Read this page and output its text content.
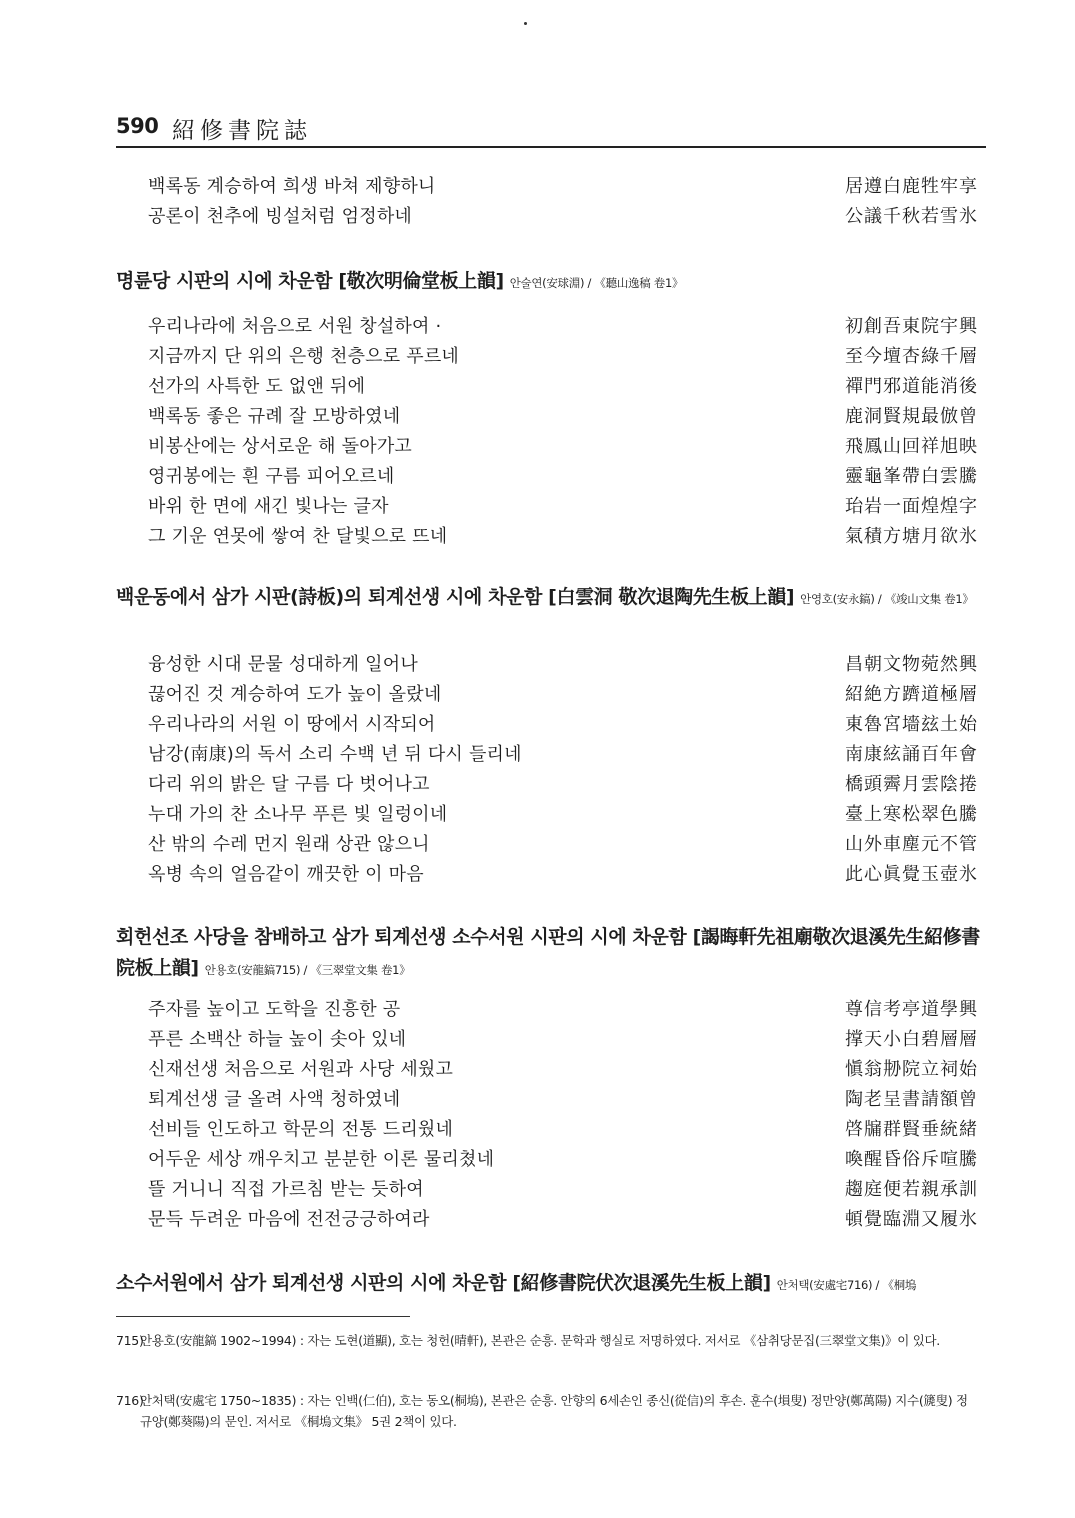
590 紹修書院誌
백록동 계승하여 희생 바쳐 제향하니	居遵白鹿牲牢享
공론이 천추에 빙설처럼 엄정하네	公議千秋若雪氷
명륜당 시판의 시에 차운함 [敬次明倫堂板上韻] 안술연(安球淵) / 《聽山逸稿 卷1》
우리나라에 처음으로 서원 창설하여 ·	初創吾東院宇興
지금까지 단 위의 은행 천층으로 푸르네	至今壇杏綠千層
선가의 사특한 도 없앤 뒤에	禪門邪道能消後
백록동 좋은 규례 잘 모방하였네	鹿洞賢規最倣曾
비봉산에는 상서로운 해 돌아가고	飛鳳山回祥旭映
영귀봉에는 흰 구름 피어오르네	靈龜峯帶白雲騰
바위 한 면에 새긴 빛나는 글자	珆岩一面煌煌字
그 기운 연못에 쌓여 찬 달빛으로 뜨네	氣積方塘月欲氷
백운동에서 삼가 시판(詩板)의 퇴계선생 시에 차운함 [白雲洞 敬次退陶先生板上韻] 안영호(安永鎬) / 《竣山文集 卷1》
융성한 시대 문물 성대하게 일어나	昌朝文物菀然興
끊어진 것 계승하여 도가 높이 올랐네	紹絶方躋道極層
우리나라의 서원 이 땅에서 시작되어	東魯宮墻玆土始
남강(南康)의 독서 소리 수백 년 뒤 다시 들리네	南康絃誦百年會
다리 위의 밝은 달 구름 다 벗어나고	橋頭霽月雲陰捲
누대 가의 찬 소나무 푸른 빛 일렁이네	臺上寒松翠色騰
산 밖의 수레 먼지 원래 상관 않으니	山外車塵元不管
옥병 속의 얼음같이 깨끗한 이 마음	此心眞覺玉壺氷
회헌선조 사당을 참배하고 삼가 퇴계선생 소수서원 시판의 시에 차운함 [謁晦軒先祖廟敬次退溪先生紹修書院板上韻] 안용호(安龍鎬715) / 《三翠堂文集 卷1》
주자를 높이고 도학을 진흥한 공	尊信考亭道學興
푸른 소백산 하늘 높이 솟아 있네	撑天小白碧層層
신재선생 처음으로 서원과 사당 세웠고	愼翁刱院立祠始
퇴계선생 글 올려 사액 청하였네	陶老呈書請額曾
선비들 인도하고 학문의 전통 드리웠네	啓牖群賢垂統緒
어두운 세상 깨우치고 분분한 이론 물리쳤네	喚醒昏俗斥喧騰
뜰 거니니 직접 가르침 받는 듯하여	趨庭便若親承訓
문득 두려운 마음에 전전긍긍하여라	頓覺臨淵又履氷
소수서원에서 삼가 퇴계선생 시판의 시에 차운함 [紹修書院伏次退溪先生板上韻] 안처택(安處宅716) / 《桐塢
715)
안용호(安龍鎬 1902~1994) : 자는 도현(道顯), 호는 청헌(晴軒), 본관은 순흥. 문학과 행실로 저명하였다. 저서로 《삼취당문집(三翠堂文集)》이 있다.
716)
안처택(安處宅 1750~1835) : 자는 인백(仁伯), 호는 동오(桐塢), 본관은 순흥. 안향의 6세손인 종신(從信)의 후손. 훈수(塤叟) 정만양(鄭萬陽) 지수(篪叟) 정규양(鄭葵陽)의 문인. 저서로 《桐塢文集》 5권 2책이 있다.
